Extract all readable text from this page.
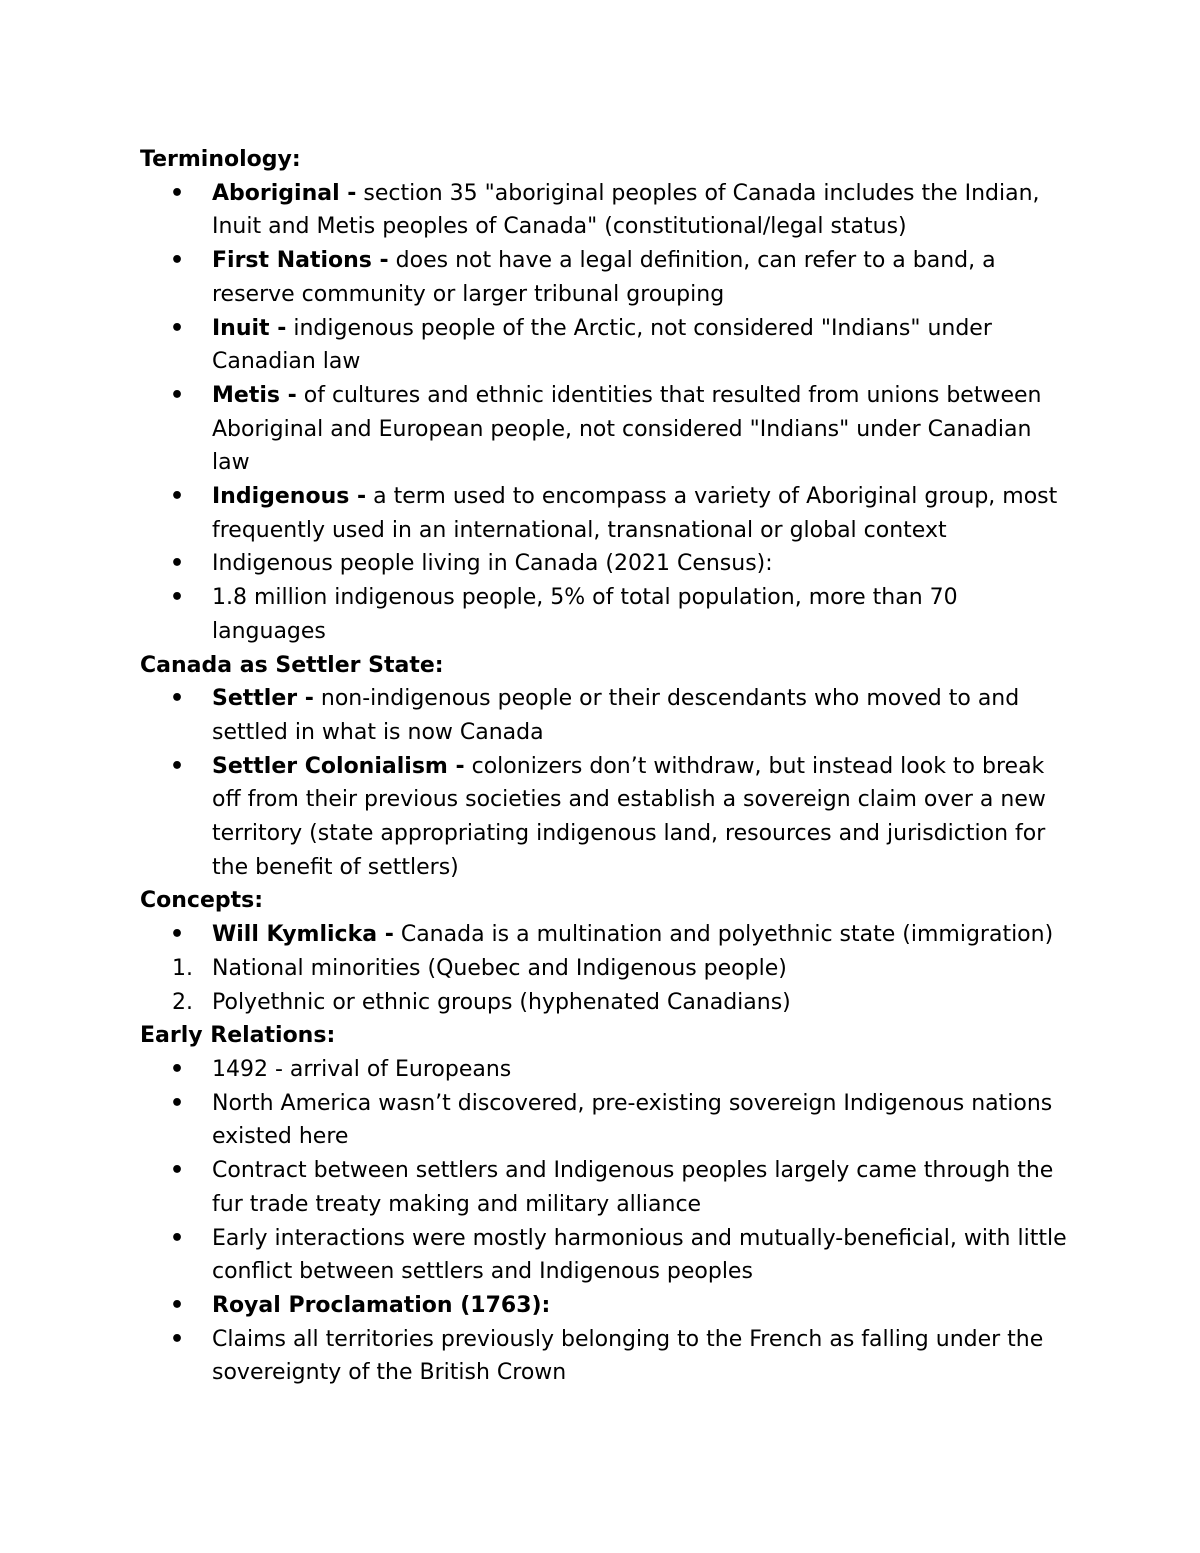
Terminology:

•	Aboriginal - section 35 "aboriginal peoples of Canada includes the Indian, Inuit and Metis peoples of Canada" (constitutional/legal status)
•	First Nations - does not have a legal definition, can refer to a band, a reserve community or larger tribunal grouping
•	Inuit - indigenous people of the Arctic, not considered "Indians" under Canadian law
•	Metis - of cultures and ethnic identities that resulted from unions between Aboriginal and European people, not considered "Indians" under Canadian law
•	Indigenous - a term used to encompass a variety of Aboriginal group, most frequently used in an international, transnational or global context
•	Indigenous people living in Canada (2021 Census):
•	1.8 million indigenous people, 5% of total population, more than 70 languages

Canada as Settler State:

•	Settler - non-indigenous people or their descendants who moved to and settled in what is now Canada
•	Settler Colonialism - colonizers don’t withdraw, but instead look to break off from their previous societies and establish a sovereign claim over a new territory (state appropriating indigenous land, resources and jurisdiction for the benefit of settlers)

Concepts:

•	Will Kymlicka - Canada is a multination and polyethnic state (immigration)
1. National minorities (Quebec and Indigenous people)
2. Polyethnic or ethnic groups (hyphenated Canadians)

Early Relations:

•	1492 - arrival of Europeans
•	North America wasn’t discovered, pre-existing sovereign Indigenous nations existed here
•	Contract between settlers and Indigenous peoples largely came through the fur trade treaty making and military alliance
•	Early interactions were mostly harmonious and mutually-beneficial, with little conflict between settlers and Indigenous peoples
•	Royal Proclamation (1763):
•	Claims all territories previously belonging to the French as falling under the sovereignty of the British Crown
